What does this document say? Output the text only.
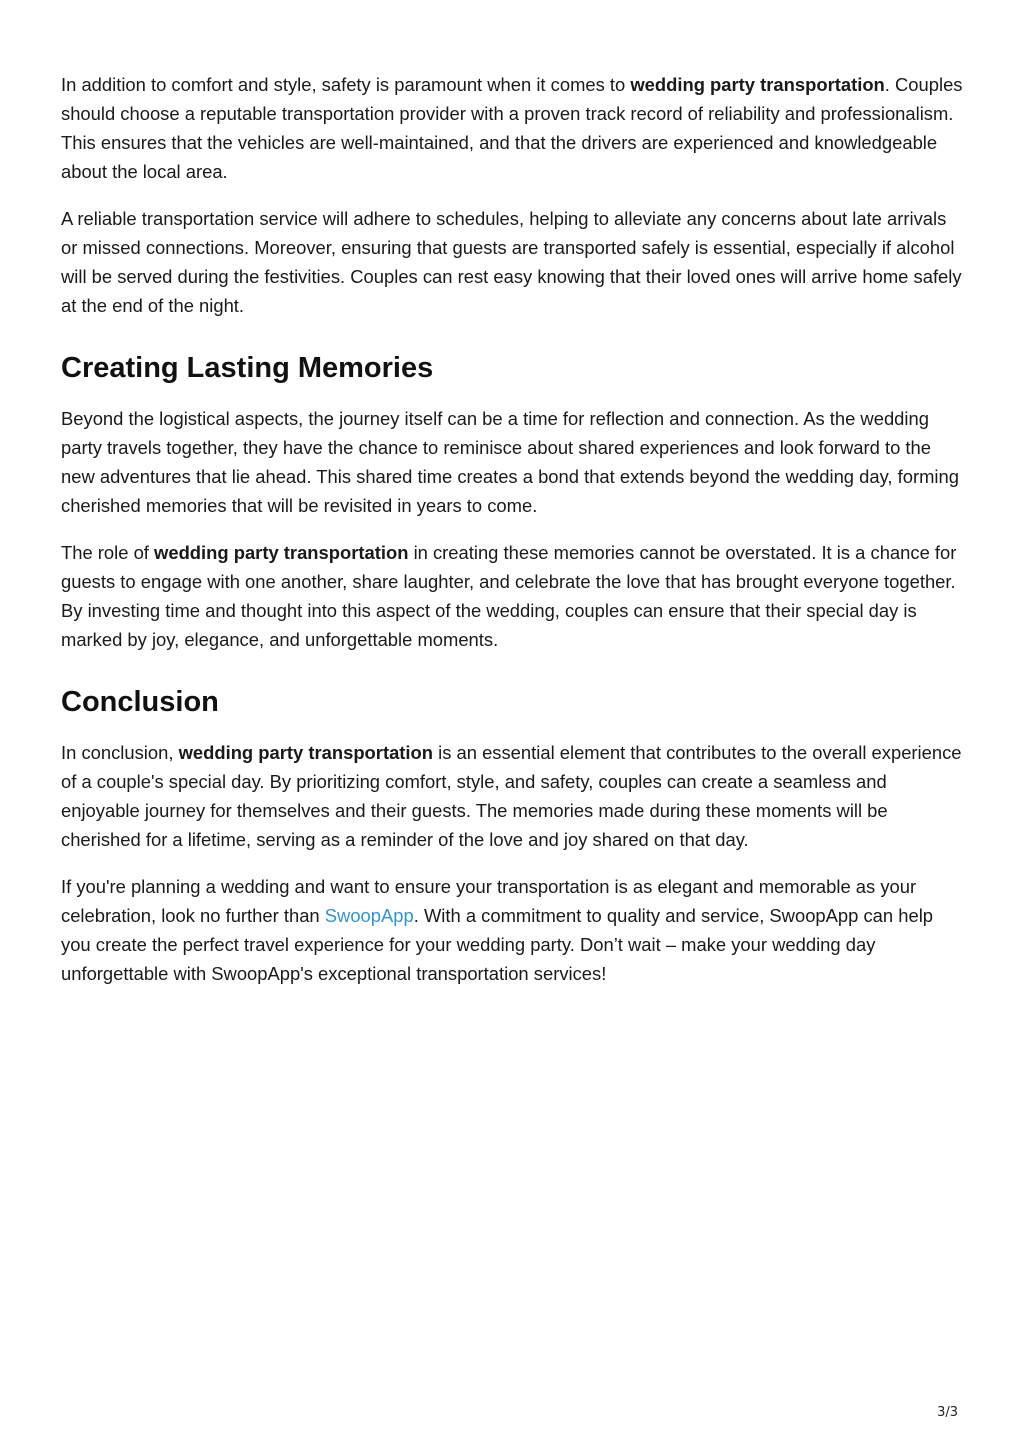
In addition to comfort and style, safety is paramount when it comes to wedding party transportation. Couples should choose a reputable transportation provider with a proven track record of reliability and professionalism. This ensures that the vehicles are well-maintained, and that the drivers are experienced and knowledgeable about the local area.

A reliable transportation service will adhere to schedules, helping to alleviate any concerns about late arrivals or missed connections. Moreover, ensuring that guests are transported safely is essential, especially if alcohol will be served during the festivities. Couples can rest easy knowing that their loved ones will arrive home safely at the end of the night.

Creating Lasting Memories

Beyond the logistical aspects, the journey itself can be a time for reflection and connection. As the wedding party travels together, they have the chance to reminisce about shared experiences and look forward to the new adventures that lie ahead. This shared time creates a bond that extends beyond the wedding day, forming cherished memories that will be revisited in years to come.

The role of wedding party transportation in creating these memories cannot be overstated. It is a chance for guests to engage with one another, share laughter, and celebrate the love that has brought everyone together. By investing time and thought into this aspect of the wedding, couples can ensure that their special day is marked by joy, elegance, and unforgettable moments.

Conclusion

In conclusion, wedding party transportation is an essential element that contributes to the overall experience of a couple's special day. By prioritizing comfort, style, and safety, couples can create a seamless and enjoyable journey for themselves and their guests. The memories made during these moments will be cherished for a lifetime, serving as a reminder of the love and joy shared on that day.

If you're planning a wedding and want to ensure your transportation is as elegant and memorable as your celebration, look no further than SwoopApp. With a commitment to quality and service, SwoopApp can help you create the perfect travel experience for your wedding party. Don’t wait – make your wedding day unforgettable with SwoopApp's exceptional transportation services!

3/3
